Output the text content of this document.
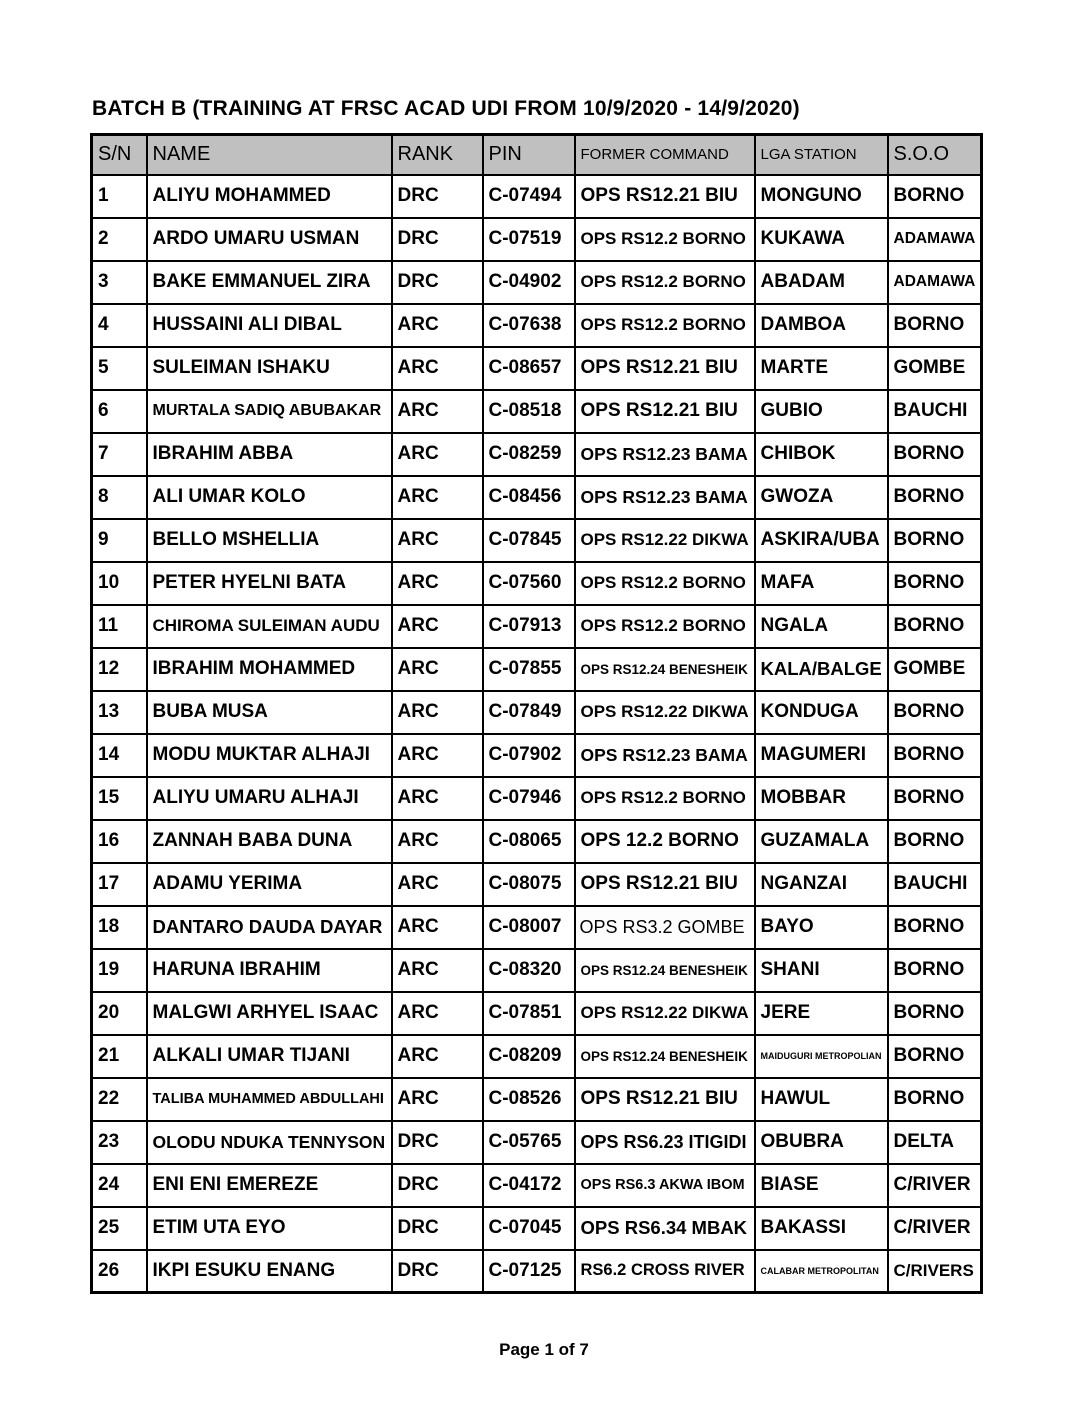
BATCH B (TRAINING AT FRSC ACAD UDI FROM 10/9/2020 - 14/9/2020)
S/N	NAME	RANK	PIN	FORMER COMMAND	LGA STATION	S.O.O
1	ALIYU MOHAMMED	DRC	C-07494	OPS RS12.21 BIU	MONGUNO	BORNO
2	ARDO UMARU USMAN	DRC	C-07519	OPS RS12.2 BORNO	KUKAWA	ADAMAWA
3	BAKE EMMANUEL ZIRA	DRC	C-04902	OPS RS12.2 BORNO	ABADAM	ADAMAWA
4	HUSSAINI ALI DIBAL	ARC	C-07638	OPS RS12.2 BORNO	DAMBOA	BORNO
5	SULEIMAN ISHAKU	ARC	C-08657	OPS RS12.21 BIU	MARTE	GOMBE
6	MURTALA SADIQ ABUBAKAR	ARC	C-08518	OPS RS12.21 BIU	GUBIO	BAUCHI
7	IBRAHIM ABBA	ARC	C-08259	OPS RS12.23 BAMA	CHIBOK	BORNO
8	ALI UMAR KOLO	ARC	C-08456	OPS RS12.23 BAMA	GWOZA	BORNO
9	BELLO MSHELLIA	ARC	C-07845	OPS RS12.22 DIKWA	ASKIRA/UBA	BORNO
10	PETER HYELNI BATA	ARC	C-07560	OPS RS12.2 BORNO	MAFA	BORNO
11	CHIROMA SULEIMAN AUDU	ARC	C-07913	OPS RS12.2 BORNO	NGALA	BORNO
12	IBRAHIM MOHAMMED	ARC	C-07855	OPS RS12.24 BENESHEIK	KALA/BALGE	GOMBE
13	BUBA MUSA	ARC	C-07849	OPS RS12.22 DIKWA	KONDUGA	BORNO
14	MODU MUKTAR ALHAJI	ARC	C-07902	OPS RS12.23 BAMA	MAGUMERI	BORNO
15	ALIYU UMARU ALHAJI	ARC	C-07946	OPS RS12.2 BORNO	MOBBAR	BORNO
16	ZANNAH BABA DUNA	ARC	C-08065	OPS 12.2 BORNO	GUZAMALA	BORNO
17	ADAMU YERIMA	ARC	C-08075	OPS RS12.21 BIU	NGANZAI	BAUCHI
18	DANTARO DAUDA DAYAR	ARC	C-08007	OPS RS3.2 GOMBE	BAYO	BORNO
19	HARUNA IBRAHIM	ARC	C-08320	OPS RS12.24 BENESHEIK	SHANI	BORNO
20	MALGWI ARHYEL ISAAC	ARC	C-07851	OPS RS12.22 DIKWA	JERE	BORNO
21	ALKALI UMAR TIJANI	ARC	C-08209	OPS RS12.24 BENESHEIK	MAIDUGURI METROPOLIAN	BORNO
22	TALIBA MUHAMMED ABDULLAHI	ARC	C-08526	OPS RS12.21 BIU	HAWUL	BORNO
23	OLODU NDUKA TENNYSON	DRC	C-05765	OPS RS6.23 ITIGIDI	OBUBRA	DELTA
24	ENI ENI EMEREZE	DRC	C-04172	OPS RS6.3 AKWA IBOM	BIASE	C/RIVER
25	ETIM UTA EYO	DRC	C-07045	OPS RS6.34 MBAK	BAKASSI	C/RIVER
26	IKPI ESUKU ENANG	DRC	C-07125	RS6.2 CROSS RIVER	CALABAR METROPOLITAN	C/RIVERS
Page 1 of 7
